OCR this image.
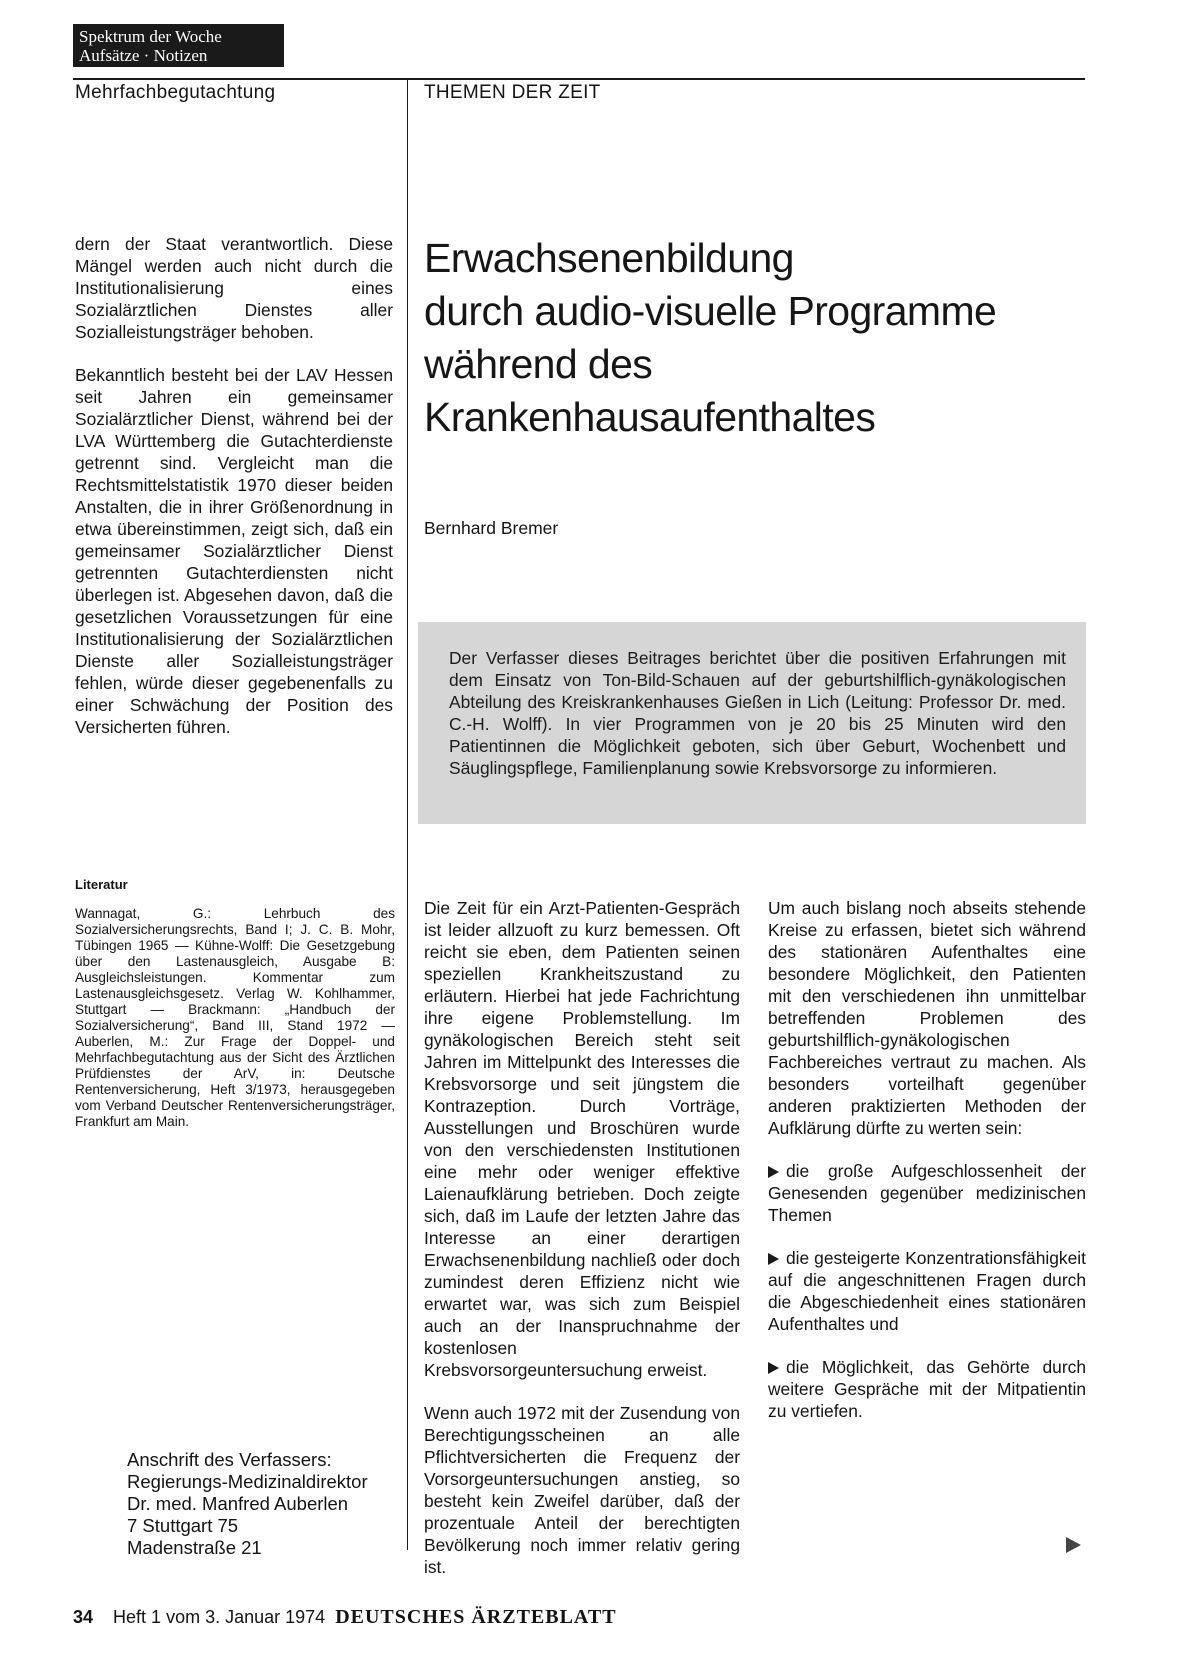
Spektrum der Woche
Aufsätze · Notizen
Mehrfachbegutachtung	THEMEN DER ZEIT

dern der Staat verantwortlich. Diese Mängel werden auch nicht durch die Institutionalisierung eines Sozialärztlichen Dienstes aller Sozialleistungsträger behoben.

Bekanntlich besteht bei der LAV Hessen seit Jahren ein gemeinsamer Sozialärztlicher Dienst, während bei der LVA Württemberg die Gutachterdienste getrennt sind. Vergleicht man die Rechtsmittelstatistik 1970 dieser beiden Anstalten, die in ihrer Größenordnung in etwa übereinstimmen, zeigt sich, daß ein gemeinsamer Sozialärztlicher Dienst getrennten Gutachterdiensten nicht überlegen ist. Abgesehen davon, daß die gesetzlichen Voraussetzungen für eine Institutionalisierung der Sozialärztlichen Dienste aller Sozialleistungsträger fehlen, würde dieser gegebenenfalls zu einer Schwächung der Position des Versicherten führen.

Literatur
Wannagat, G.: Lehrbuch des Sozialversicherungsrechts, Band I; J. C. B. Mohr, Tübingen 1965 — Kühne-Wolff: Die Gesetzgebung über den Lastenausgleich, Ausgabe B: Ausgleichsleistungen. Kommentar zum Lastenausgleichsgesetz. Verlag W. Kohlhammer, Stuttgart — Brackmann: „Handbuch der Sozialversicherung“, Band III, Stand 1972 — Auberlen, M.: Zur Frage der Doppel- und Mehrfachbegutachtung aus der Sicht des Ärztlichen Prüfdienstes der ArV, in: Deutsche Rentenversicherung, Heft 3/1973, herausgegeben vom Verband Deutscher Rentenversicherungsträger, Frankfurt am Main.
Anschrift des Verfassers:
Regierungs-Medizinaldirektor
Dr. med. Manfred Auberlen
7 Stuttgart 75
Madenstraße 21
Erwachsenenbildung
durch audio-visuelle Programme
während des
Krankenhausaufenthaltes
Bernhard Bremer
Der Verfasser dieses Beitrages berichtet über die positiven Erfahrungen mit dem Einsatz von Ton-Bild-Schauen auf der geburtshilflich-gynäkologischen Abteilung des Kreiskrankenhauses Gießen in Lich (Leitung: Professor Dr. med. C.-H. Wolff). In vier Programmen von je 20 bis 25 Minuten wird den Patientinnen die Möglichkeit geboten, sich über Geburt, Wochenbett und Säuglingspflege, Familienplanung sowie Krebsvorsorge zu informieren.

Die Zeit für ein Arzt-Patienten-Gespräch ist leider allzuoft zu kurz bemessen. Oft reicht sie eben, dem Patienten seinen speziellen Krankheitszustand zu erläutern. Hierbei hat jede Fachrichtung ihre eigene Problemstellung. Im gynäkologischen Bereich steht seit Jahren im Mittelpunkt des Interesses die Krebsvorsorge und seit jüngstem die Kontrazeption. Durch Vorträge, Ausstellungen und Broschüren wurde von den verschiedensten Institutionen eine mehr oder weniger effektive Laienaufklärung betrieben. Doch zeigte sich, daß im Laufe der letzten Jahre das Interesse an einer derartigen Erwachsenenbildung nachließ oder doch zumindest deren Effizienz nicht wie erwartet war, was sich zum Beispiel auch an der Inanspruchnahme der kostenlosen Krebsvorsorgeuntersuchung erweist.

Wenn auch 1972 mit der Zusendung von Berechtigungsscheinen an alle Pflichtversicherten die Frequenz der Vorsorgeuntersuchungen anstieg, so besteht kein Zweifel darüber, daß der prozentuale Anteil der berechtigten Bevölkerung noch immer relativ gering ist.

Um auch bislang noch abseits stehende Kreise zu erfassen, bietet sich während des stationären Aufenthaltes eine besondere Möglichkeit, den Patienten mit den verschiedenen ihn unmittelbar betreffenden Problemen des geburtshilflich-gynäkologischen Fachbereiches vertraut zu machen. Als besonders vorteilhaft gegenüber anderen praktizierten Methoden der Aufklärung dürfte zu werten sein:

die große Aufgeschlossenheit der Genesenden gegenüber medizinischen Themen

die gesteigerte Konzentrationsfähigkeit auf die angeschnittenen Fragen durch die Abgeschiedenheit eines stationären Aufenthaltes und

die Möglichkeit, das Gehörte durch weitere Gespräche mit der Mitpatientin zu vertiefen.

34 Heft 1 vom 3. Januar 1974 DEUTSCHES ÄRZTEBLATT
